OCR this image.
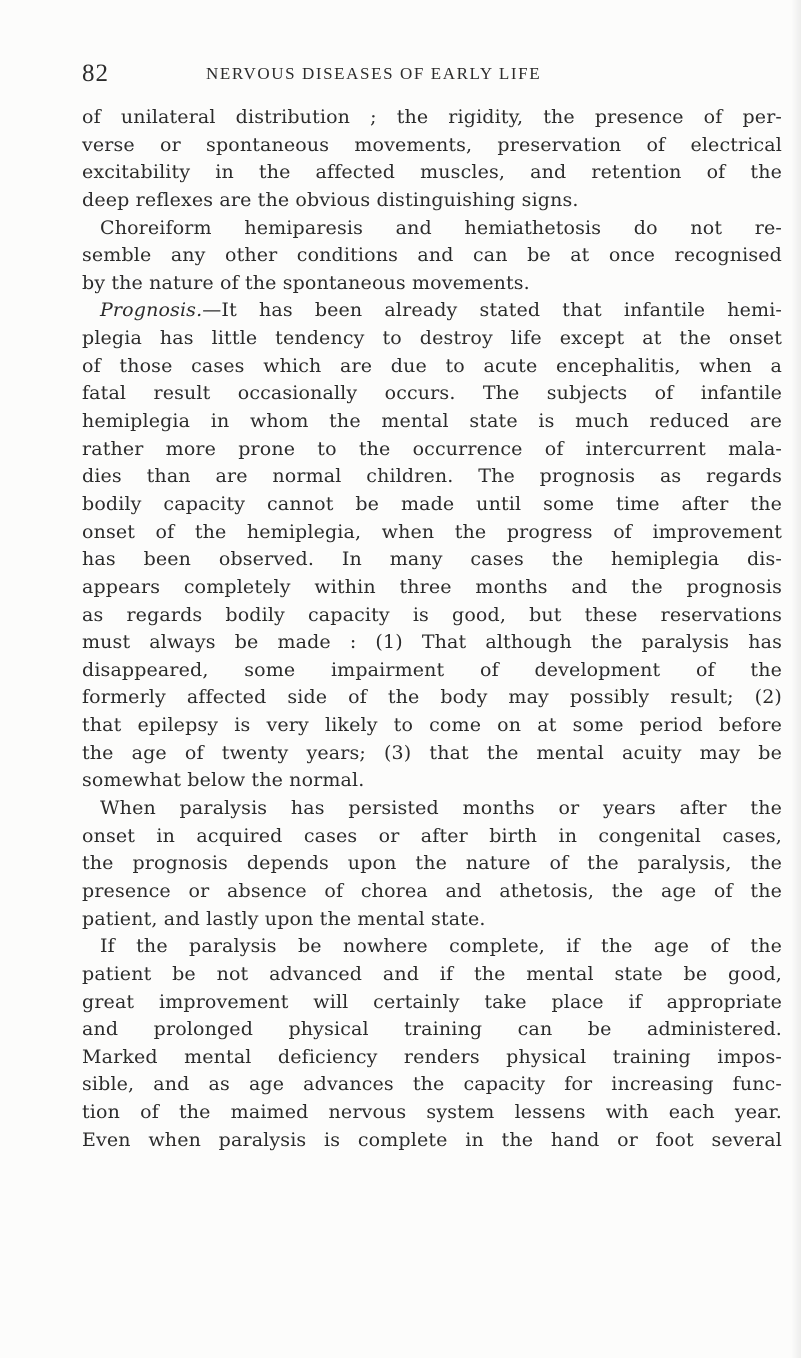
82	NERVOUS DISEASES OF EARLY LIFE
of unilateral distribution ; the rigidity, the presence of per-
verse or spontaneous movements, preservation of electrical
excitability in the affected muscles, and retention of the
deep reflexes are the obvious distinguishing signs.
Choreiform hemiparesis and hemiathetosis do not re-
semble any other conditions and can be at once recognised
by the nature of the spontaneous movements.
Prognosis.—It has been already stated that infantile hemi-
plegia has little tendency to destroy life except at the onset
of those cases which are due to acute encephalitis, when a
fatal result occasionally occurs. The subjects of infantile
hemiplegia in whom the mental state is much reduced are
rather more prone to the occurrence of intercurrent mala-
dies than are normal children. The prognosis as regards
bodily capacity cannot be made until some time after the
onset of the hemiplegia, when the progress of improvement
has been observed. In many cases the hemiplegia dis-
appears completely within three months and the prognosis
as regards bodily capacity is good, but these reservations
must always be made : (1) That although the paralysis has
disappeared, some impairment of development of the
formerly affected side of the body may possibly result; (2)
that epilepsy is very likely to come on at some period before
the age of twenty years; (3) that the mental acuity may be
somewhat below the normal.
When paralysis has persisted months or years after the
onset in acquired cases or after birth in congenital cases,
the prognosis depends upon the nature of the paralysis, the
presence or absence of chorea and athetosis, the age of the
patient, and lastly upon the mental state.
If the paralysis be nowhere complete, if the age of the
patient be not advanced and if the mental state be good,
great improvement will certainly take place if appropriate
and prolonged physical training can be administered.
Marked mental deficiency renders physical training impos-
sible, and as age advances the capacity for increasing func-
tion of the maimed nervous system lessens with each year.
Even when paralysis is complete in the hand or foot several
